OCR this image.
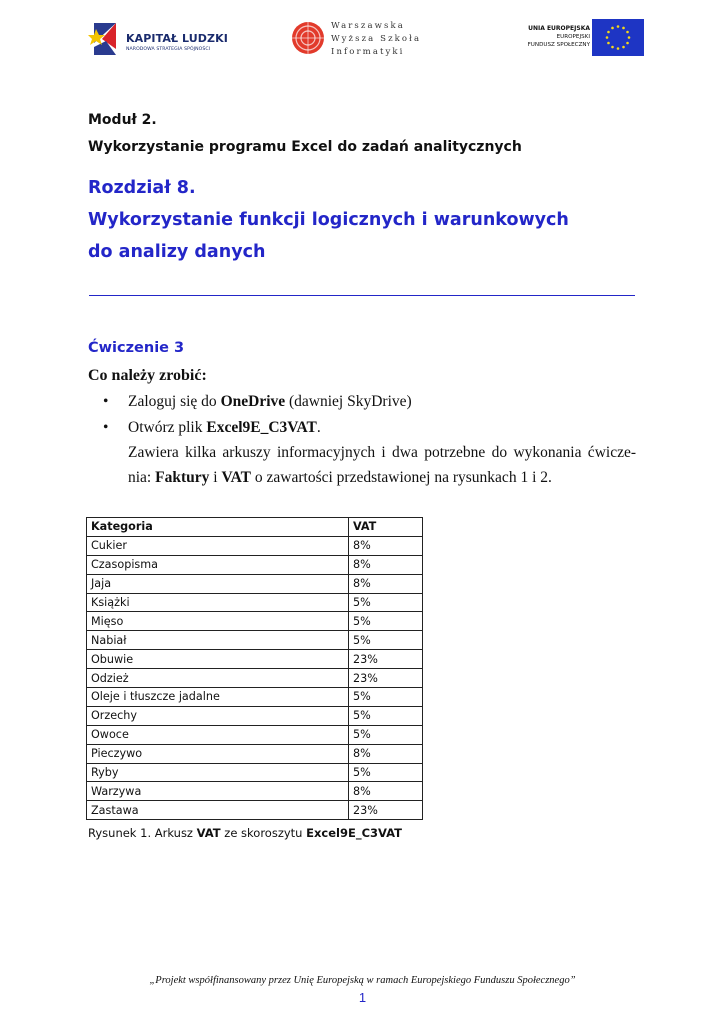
KAPITAŁ LUDZKI
NARODOWA STRATEGIA SPÓJNOŚCI
Warszawska
Wyższa Szkoła
Informatyki
UNIA EUROPEJSKA
EUROPEJSKI
FUNDUSZ SPOŁECZNY
Moduł 2.
Wykorzystanie programu Excel do zadań analitycznych
Rozdział 8.
Wykorzystanie funkcji logicznych i warunkowych
do analizy danych
Ćwiczenie 3
Co należy zrobić:
• Zaloguj się do OneDrive (dawniej SkyDrive)
• Otwórz plik Excel9E_C3VAT.
Zawiera kilka arkuszy informacyjnych i dwa potrzebne do wykonania ćwicze-
nia: Faktury i VAT o zawartości przedstawionej na rysunkach 1 i 2.
Kategoria	VAT
Cukier	8%
Czasopisma	8%
Jaja	8%
Książki	5%
Mięso	5%
Nabiał	5%
Obuwie	23%
Odzież	23%
Oleje i tłuszcze jadalne	5%
Orzechy	5%
Owoce	5%
Pieczywo	8%
Ryby	5%
Warzywa	8%
Zastawa	23%
Rysunek 1. Arkusz VAT ze skoroszytu Excel9E_C3VAT
„Projekt współfinansowany przez Unię Europejską w ramach Europejskiego Funduszu Społecznego”
1
